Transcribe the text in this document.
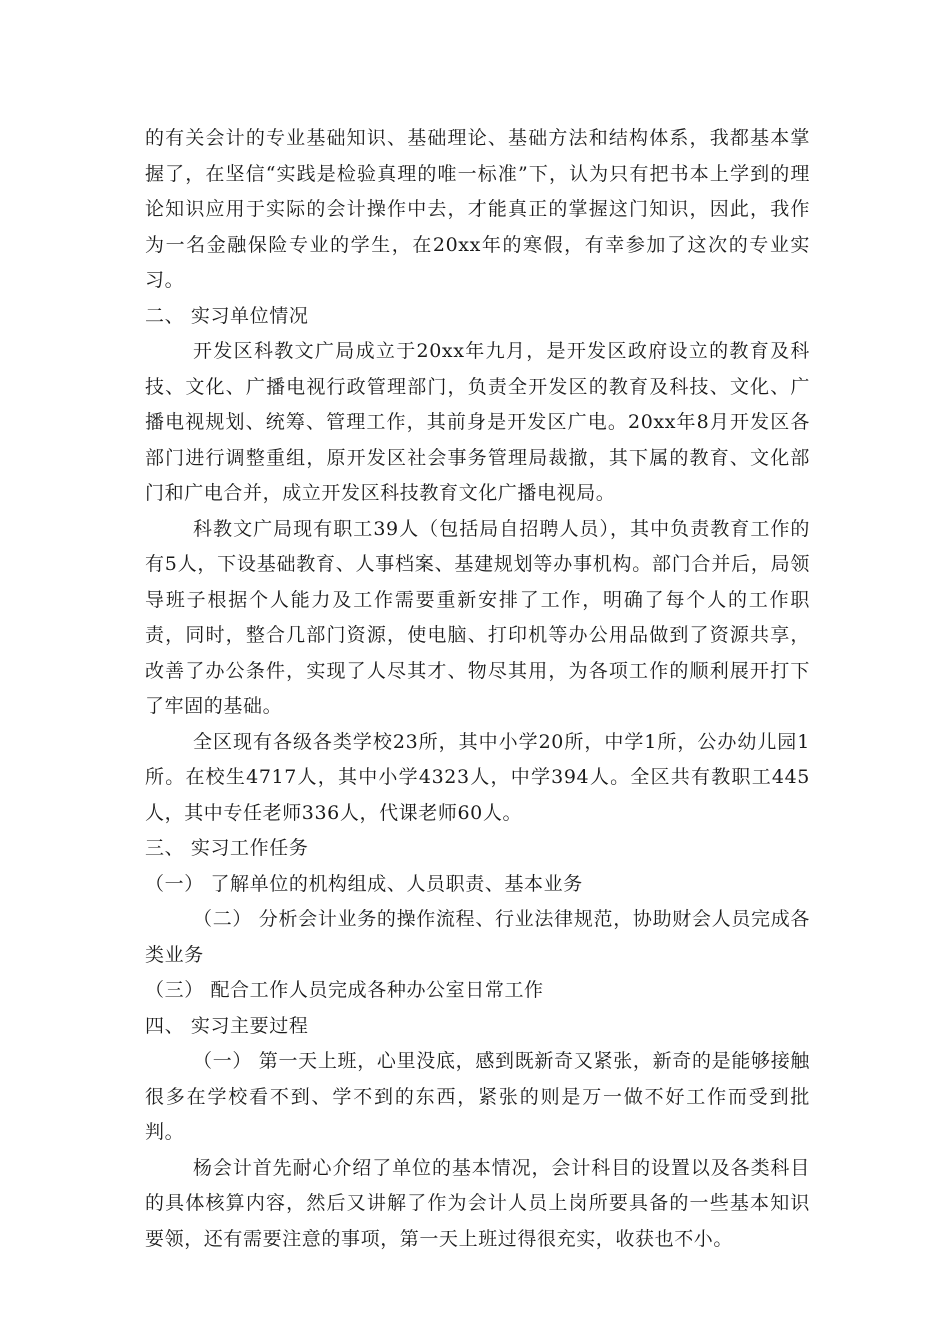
的有关会计的专业基础知识、基础理论、基础方法和结构体系，我都基本掌握了，在坚信“实践是检验真理的唯一标准”下，认为只有把书本上学到的理论知识应用于实际的会计操作中去，才能真正的掌握这门知识，因此，我作为一名金融保险专业的学生，在20xx年的寒假，有幸参加了这次的专业实习。

二、 实习单位情况

开发区科教文广局成立于20xx年九月，是开发区政府设立的教育及科技、文化、广播电视行政管理部门，负责全开发区的教育及科技、文化、广播电视规划、统筹、管理工作，其前身是开发区广电。20xx年8月开发区各部门进行调整重组，原开发区社会事务管理局裁撤，其下属的教育、文化部门和广电合并，成立开发区科技教育文化广播电视局。

科教文广局现有职工39人（包括局自招聘人员），其中负责教育工作的有5人，下设基础教育、人事档案、基建规划等办事机构。部门合并后，局领导班子根据个人能力及工作需要重新安排了工作，明确了每个人的工作职责，同时，整合几部门资源，使电脑、打印机等办公用品做到了资源共享，改善了办公条件，实现了人尽其才、物尽其用，为各项工作的顺利展开打下了牢固的基础。

全区现有各级各类学校23所，其中小学20所，中学1所，公办幼儿园1所。在校生4717人，其中小学4323人，中学394人。全区共有教职工445人，其中专任老师336人，代课老师60人。

三、 实习工作任务

（一） 了解单位的机构组成、人员职责、基本业务

（二） 分析会计业务的操作流程、行业法律规范，协助财会人员完成各类业务

（三） 配合工作人员完成各种办公室日常工作

四、 实习主要过程

（一） 第一天上班，心里没底，感到既新奇又紧张，新奇的是能够接触很多在学校看不到、学不到的东西，紧张的则是万一做不好工作而受到批判。

杨会计首先耐心介绍了单位的基本情况，会计科目的设置以及各类科目的具体核算内容，然后又讲解了作为会计人员上岗所要具备的一些基本知识要领，还有需要注意的事项，第一天上班过得很充实，收获也不小。
